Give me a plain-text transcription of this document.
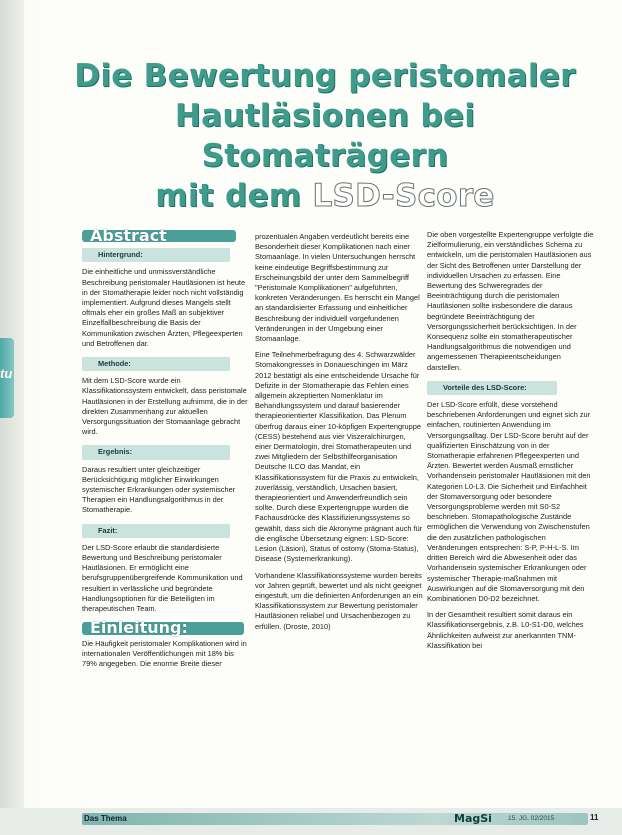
tu
Die Bewertung peristomaler
Hautläsionen bei Stomaträgern
mit dem LSD-Score
Abstract Hintergrund:

Die einheitliche und unmissverständliche Beschreibung peristomaler Hautläsionen ist heute in der Stomatherapie leider noch nicht vollständig implementiert. Aufgrund dieses Mangels stellt oftmals eher ein großes Maß an subjektiver Einzelfallbeschreibung die Basis der Kommunikation zwischen Ärzten, Pflegeexperten und Betroffenen dar.

Methode:

Mit dem LSD-Score wurde ein Klassifikationssystem entwickelt, dass peristomale Hautläsionen in der Erstellung aufnimmt, die in der direkten Zusammenhang zur aktuellen Versorgungssituation der Stomaanlage gebracht wird.

Ergebnis:

Daraus resultiert unter gleichzeitiger Berücksichtigung möglicher Einwirkungen systemischer Erkrankungen oder systemischer Therapien ein Handlungsalgorithmus in der Stomatherapie.

Fazit:

Der LSD-Score erlaubt die standardisierte Bewertung und Beschreibung peristomaler Hautläsionen. Er ermöglicht eine berufsgruppenübergreifende Kommunikation und resultiert in verlässliche und begründete Handlungsoptionen für die Beteiligten im therapeutischen Team.

Einleitung:

Die Häufigkeit peristomaler Komplikationen wird in internationalen Veröffentlichungen mit 18% bis 79% angegeben. Die enorme Breite dieser

prozentualen Angaben verdeutlicht bereits eine Besonderheit dieser Komplikationen nach einer Stomaanlage. In vielen Untersuchungen herrscht keine eindeutige Begriffsbestimmung zur Erscheinungsbild der unter dem Sammelbegriff "Peristomale Komplikationen" aufgeführten, konkreten Veränderungen. Es herrscht ein Mangel an standardisierter Erfassung und einheitlicher Beschreibung der individuell vorgefundenen Veränderungen in der Umgebung einer Stomaanlage.

Eine Teilnehmerbefragung des 4. Schwarzwälder Stomakongresses in Donaueschingen im März 2012 bestätigt als eine entscheidende Ursache für Defizite in der Stomatherapie das Fehlen eines allgemein akzeptierten Nomenklatur im Behandlungssystem und darauf basierender therapieorientierter Klassifikation. Das Plenum überfrug daraus einer 10-köpfigen Expertengruppe (CESS) bestehend aus vier Viszeralchirurgen, einer Dermatologin, drei Stomatherapeuten und zwei Mitgliedern der Selbsthilfeorganisation Deutsche ILCO das Mandat, ein Klassifikationssystem für die Praxis zu entwickeln, zuverlässig, verständlich, Ursachen basiert, therapieorientiert und Anwenderfreundlich sein sollte. Durch diese Expertengruppe wurden die Fachausdrücke des Klassifizierungssystems so gewählt, dass sich die Akronyme prägnant auch für die englische Übersetzung eignen: LSD-Score: Lesion (Läsion), Status of ostomy (Stoma-Status), Disease (Systemerkrankung).

Vorhandene Klassifikationssysteme wurden bereits vor Jahren geprüft, bewertet und als nicht geeignet eingestuft, um die definierten Anforderungen an ein Klassifikationssystem zur Bewertung peristomaler Hautläsionen reliabel und Ursachenbezogen zu erfüllen. (Droste, 2010)

Die oben vorgestellte Expertengruppe verfolgte die Zielformulierung, ein verständliches Schema zu entwickeln, um die peristomalen Hautläsionen aus der Sicht des Betroffenen unter Darstellung der individuellen Ursachen zu erfassen. Eine Bewertung des Schweregrades der Beeinträchtigung durch die peristomalen Hautläsionen sollte insbesondere die daraus begründete Beeinträchtigung der Versorgungssicherheit berücksichtigen. In der Konsequenz sollte ein stomatherapeutischer Handlungsalgorithmus die notwendigen und angemessenen Therapieentscheidungen darstellen.

Vorteile des LSD-Score:

Der LSD-Score erfüllt, diese vorstehend beschriebenen Anforderungen und eignet sich zur einfachen, routinierten Anwendung im Versorgungsalltag. Der LSD-Score beruht auf der qualifizierten Einschätzung von in der Stomatherapie erfahrenen Pflegeexperten und Ärzten. Bewertet werden Ausmaß ernstlicher Vorhandensein peristomaler Hautläsionen mit den Kategorien L0-L3. Die Sicherheit und Einfachheit der Stomaversorgung oder besondere Versorgungsprobleme werden mit S0-S2 beschrieben. Stomapathologische Zustände ermöglichen die Verwendung von Zwischenstufen die den zusätzlichen pathologischen Veränderungen entsprechen: S-P, P-H-L-S. Im dritten Bereich wird die Abwesenheit oder das Vorhandensein systemischer Erkrankungen oder systemischer Therapie-maßnahmen mit Auswirkungen auf die Stomaversorgung mit den Kombinationen D0-D2 bezeichnet.

In der Gesamtheit resultiert somit daraus ein Klassifikationsergebnis, z.B. L0-S1-D0, welches Ähnlichkeiten aufweist zur anerkannten TNM-Klassifikation bei

Das Thema	MagSi 15. JG. 02/2015	11
